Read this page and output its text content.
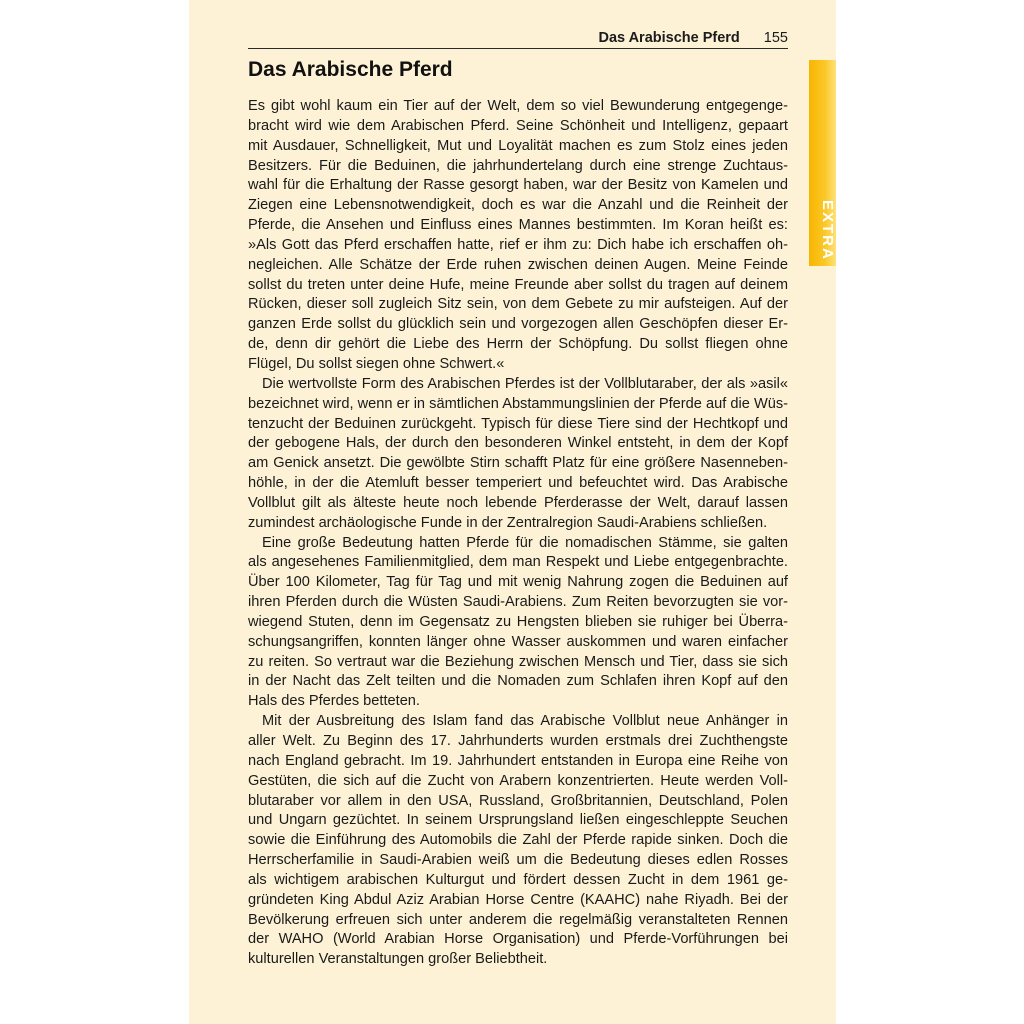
Das Arabische Pferd 155
EXTRA
Das Arabische Pferd
Es gibt wohl kaum ein Tier auf der Welt, dem so viel Bewunderung entgegenge-
bracht wird wie dem Arabischen Pferd. Seine Schönheit und Intelligenz, gepaart
mit Ausdauer, Schnelligkeit, Mut und Loyalität machen es zum Stolz eines jeden
Besitzers. Für die Beduinen, die jahrhundertelang durch eine strenge Zuchtaus-
wahl für die Erhaltung der Rasse gesorgt haben, war der Besitz von Kamelen und
Ziegen eine Lebensnotwendigkeit, doch es war die Anzahl und die Reinheit der
Pferde, die Ansehen und Einfluss eines Mannes bestimmten. Im Koran heißt es:
»Als Gott das Pferd erschaffen hatte, rief er ihm zu: Dich habe ich erschaffen oh-
negleichen. Alle Schätze der Erde ruhen zwischen deinen Augen. Meine Feinde
sollst du treten unter deine Hufe, meine Freunde aber sollst du tragen auf deinem
Rücken, dieser soll zugleich Sitz sein, von dem Gebete zu mir aufsteigen. Auf der
ganzen Erde sollst du glücklich sein und vorgezogen allen Geschöpfen dieser Er-
de, denn dir gehört die Liebe des Herrn der Schöpfung. Du sollst fliegen ohne
Flügel, Du sollst siegen ohne Schwert.«
Die wertvollste Form des Arabischen Pferdes ist der Vollblutaraber, der als »asil«
bezeichnet wird, wenn er in sämtlichen Abstammungslinien der Pferde auf die Wüs-
tenzucht der Beduinen zurückgeht. Typisch für diese Tiere sind der Hechtkopf und
der gebogene Hals, der durch den besonderen Winkel entsteht, in dem der Kopf
am Genick ansetzt. Die gewölbte Stirn schafft Platz für eine größere Nasenneben-
höhle, in der die Atemluft besser temperiert und befeuchtet wird. Das Arabische
Vollblut gilt als älteste heute noch lebende Pferderasse der Welt, darauf lassen
zumindest archäologische Funde in der Zentralregion Saudi-Arabiens schließen.
Eine große Bedeutung hatten Pferde für die nomadischen Stämme, sie galten
als angesehenes Familienmitglied, dem man Respekt und Liebe entgegenbrachte.
Über 100 Kilometer, Tag für Tag und mit wenig Nahrung zogen die Beduinen auf
ihren Pferden durch die Wüsten Saudi-Arabiens. Zum Reiten bevorzugten sie vor-
wiegend Stuten, denn im Gegensatz zu Hengsten blieben sie ruhiger bei Überra-
schungsangriffen, konnten länger ohne Wasser auskommen und waren einfacher
zu reiten. So vertraut war die Beziehung zwischen Mensch und Tier, dass sie sich
in der Nacht das Zelt teilten und die Nomaden zum Schlafen ihren Kopf auf den
Hals des Pferdes betteten.
Mit der Ausbreitung des Islam fand das Arabische Vollblut neue Anhänger in
aller Welt. Zu Beginn des 17. Jahrhunderts wurden erstmals drei Zuchthengste
nach England gebracht. Im 19. Jahrhundert entstanden in Europa eine Reihe von
Gestüten, die sich auf die Zucht von Arabern konzentrierten. Heute werden Voll-
blutaraber vor allem in den USA, Russland, Großbritannien, Deutschland, Polen
und Ungarn gezüchtet. In seinem Ursprungsland ließen eingeschleppte Seuchen
sowie die Einführung des Automobils die Zahl der Pferde rapide sinken. Doch die
Herrscherfamilie in Saudi-Arabien weiß um die Bedeutung dieses edlen Rosses
als wichtigem arabischen Kulturgut und fördert dessen Zucht in dem 1961 ge-
gründeten King Abdul Aziz Arabian Horse Centre (KAAHC) nahe Riyadh. Bei der
Bevölkerung erfreuen sich unter anderem die regelmäßig veranstalteten Rennen
der WAHO (World Arabian Horse Organisation) und Pferde-Vorführungen bei
kulturellen Veranstaltungen großer Beliebtheit.
